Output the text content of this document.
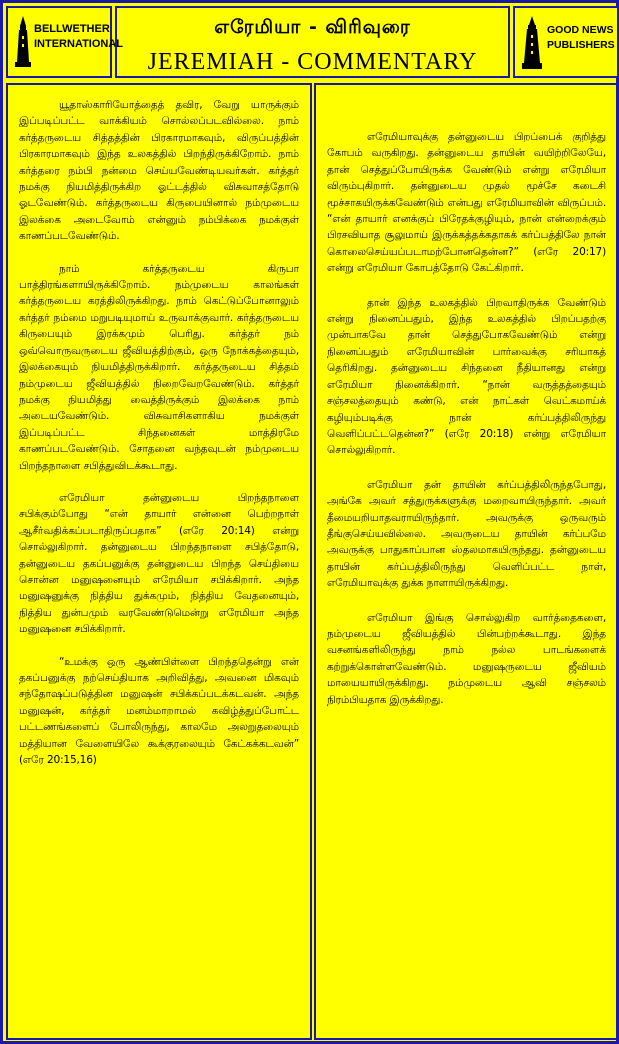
BELLWETHER
INTERNATIONAL
எரேமியா - விரிவுரை
JEREMIAH - COMMENTARY
GOOD NEWS
PUBLISHERS

யூதாஸ்காரியோத்தைத் தவிர, வேறு யாருக்கும் இப்படிப்பட்ட வாக்கியம் சொல்லப்படவில்லை. நாம் கர்த்தருடைய சித்தத்தின் பிரகாரமாகவும், விருப்பத்தின் பிரகாரமாகவும் இந்த உலகத்தில் பிறந்திருக்கிறோம். நாம் கர்த்தரை நம்பி நன்மை செய்யவேண்டியவர்கள். கர்த்தர் நமக்கு நியமித்திருக்கிற ஓட்டத்தில் விசுவாசத்தோடு ஓடவேண்டும். கர்த்தருடைய கிருபையினால் நம்முடைய இலக்கை அடைவோம் என்னும் நம்பிக்கை நமக்குள் காணப்படவேண்டும்.

நாம் கர்த்தருடைய கிருபா பாத்திரங்களாயிருக்கிறோம். நம்முடைய காலங்கள் கர்த்தருடைய கரத்திலிருக்கிறது. நாம் கெட்டுப்போனாலும் கர்த்தர் நம்மை மறுபடியுமாய் உருவாக்குவார். கர்த்தருடைய கிருபையும் இரக்கமும் பெரிது. கர்த்தர் நம் ஒவ்வொருவருடைய ஜீவியத்திற்கும், ஒரு நோக்கத்தையும், இலக்கையும் நியமித்திருக்கிறார். கர்த்தருடைய சித்தம் நம்முடைய ஜீவியத்தில் நிறைவேறவேண்டும். கர்த்தர் நமக்கு நியமித்து வைத்திருக்கும் இலக்கை நாம் அடையவேண்டும். விசுவாசிகளாகிய நமக்குள் இப்படிப்பட்ட சிந்தனைகள் மாத்திரமே காணப்படவேண்டும். சோதனை வந்தவுடன் நம்முடைய பிறந்தநாளை சபித்துவிடக்கூடாது.

எரேமியா தன்னுடைய பிறந்தநாளை சபிக்கும்போது “என் தாயார் என்னை பெற்றநாள் ஆசீர்வதிக்கப்படாதிருப்பதாக” (எரே 20:14) என்று சொல்லுகிறார். தன்னுடைய பிறந்தநாளை சபித்தோடு, தன்னுடைய தகப்பனுக்கு தன்னுடைய பிறந்த செய்தியை சொன்ன மனுஷனையும் எரேமியா சபிக்கிறார். அந்த மனுஷனுக்கு நித்திய துக்கமும், நித்திய வேதனையும், நித்திய துன்பமும் வரவேண்டுமென்று எரேமியா அந்த மனுஷனை சபிக்கிறார்.

“உமக்கு ஒரு ஆண்பிள்ளை பிறந்ததென்று என் தகப்பனுக்கு நற்செய்தியாக அறிவித்து, அவனை மிகவும் சந்தோஷப்படுத்தின மனுஷன் சபிக்கப்படக்கடவன். அந்த மனுஷன், கர்த்தர் மனம்மாறாமல் கவிழ்த்துப்போட்ட பட்டணங்களைப் போலிருந்து, காலமே அலறுதலையும் மத்தியான வேளையிலே கூக்குரலையும் கேட்கக்கடவன்” (எரே 20:15,16)

எரேமியாவுக்கு தன்னுடைய பிறப்பைக் குறித்து கோபம் வருகிறது. தன்னுடைய தாயின் வயிற்றிலேயே, தான் செத்துப்போயிருக்க வேண்டும் என்று எரேமியா விரும்புகிறார். தன்னுடைய முதல் மூச்சே கடைசி மூச்சாகயிருக்கவேண்டும் என்பது எரேமியாவின் விருப்பம். “என் தாயார் எனக்குப் பிரேதக்குழியும், நான் என்றைக்கும் பிரசவியாத சூலுமாய் இருக்கத்தக்கதாகக் கர்ப்பத்திலே நான் கொலைசெய்யப்படாமற்போனதென்ன?” (எரே 20:17) என்று எரேமியா கோபத்தோடு கேட்கிறார்.

தான் இந்த உலகத்தில் பிறவாதிருக்க வேண்டும் என்று நினைப்பதும், இந்த உலகத்தில் பிறப்பதற்கு முன்பாகவே தான் செத்துபோகவேண்டும் என்று நினைப்பதும் எரேமியாவின் பார்வைக்கு சரியாகத் தெரிகிறது. தன்னுடைய சிந்தனை நீதியானது என்று எரேமியா நினைக்கிறார். “நான் வருத்தத்தையும் சஞ்சலத்தையும் கண்டு, என் நாட்கள் வெட்கமாய்க் கழியும்படிக்கு நான் கர்ப்பத்திலிருந்து வெளிப்பட்டதென்ன?” (எரே 20:18) என்று எரேமியா சொல்லுகிறார்.

எரேமியா தன் தாயின் கர்ப்பத்திலிருந்தபோது, அங்கே அவர் சத்துருக்களுக்கு மறைவாயிருந்தார். அவர் தீமையறியாதவராயிருந்தார். அவருக்கு ஒருவரும் தீங்குசெய்யவில்லை. அவருடைய தாயின் கர்ப்பமே அவருக்கு பாதுகாப்பான ஸ்தலமாகயிருந்தது. தன்னுடைய தாயின் கர்ப்பத்திலிருந்து வெளிப்பட்ட நாள், எரேமியாவுக்கு துக்க நாளாயிருக்கிறது.

எரேமியா இங்கு சொல்லுகிற வார்த்தைகளை, நம்முடைய ஜீவியத்தில் பின்பற்றக்கூடாது. இந்த வசனங்களிலிருந்து நாம் நல்ல பாடங்களைக் கற்றுக்கொள்ளவேண்டும். மனுஷருடைய ஜீவியம் மாயையாயிருக்கிறது. நம்முடைய ஆவி சஞ்சலம் நிரம்பியதாக இருக்கிறது.
